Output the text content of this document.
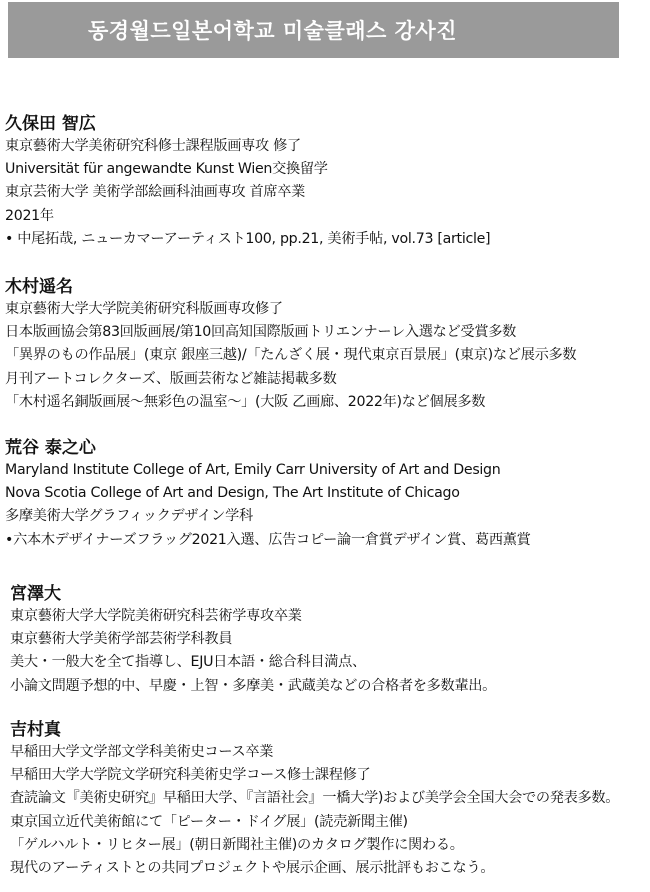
동경월드일본어학교 미술클래스 강사진

久保田 智広

東京藝術大学美術研究科修士課程版画専攻 修了

Universität für angewandte Kunst Wien交換留学

東京芸術大学 美術学部絵画科油画専攻 首席卒業

2021年

• 中尾拓哉, ニューカマーアーティスト100, pp.21, 美術手帖, vol.73 [article]

木村遥名

東京藝術大学大学院美術研究科版画専攻修了

日本版画協会第83回版画展/第10回高知国際版画トリエンナーレ入選など受賞多数

「異界のもの作品展」(東京 銀座三越)/「たんざく展・現代東京百景展」(東京)など展示多数

月刊アートコレクターズ、版画芸術など雑誌掲載多数

「木村遥名銅版画展〜無彩色の温室〜」(大阪 乙画廊、2022年)など個展多数

荒谷 泰之心

Maryland Institute College of Art, Emily Carr University of Art and Design

Nova Scotia College of Art and Design, The Art Institute of Chicago

多摩美術大学グラフィックデザイン学科

•六本木デザイナーズフラッグ2021入選、広告コピー論一倉賞デザイン賞、葛西薫賞

宮澤大

東京藝術大学大学院美術研究科芸術学専攻卒業

東京藝術大学美術学部芸術学科教員

美大・一般大を全て指導し、EJU日本語・総合科目満点、

小論文問題予想的中、早慶・上智・多摩美・武蔵美などの合格者を多数輩出。

吉村真

早稲田大学文学部文学科美術史コース卒業

早稲田大学大学院文学研究科美術史学コース修士課程修了

査読論文『美術史研究』早稲田大学、『言語社会』一橋大学)および美学会全国大会での発表多数。

東京国立近代美術館にて「ピーター・ドイグ展」(読売新聞主催)

「ゲルハルト・リヒター展」(朝日新聞社主催)のカタログ製作に関わる。

現代のアーティストとの共同プロジェクトや展示企画、展示批評もおこなう。
